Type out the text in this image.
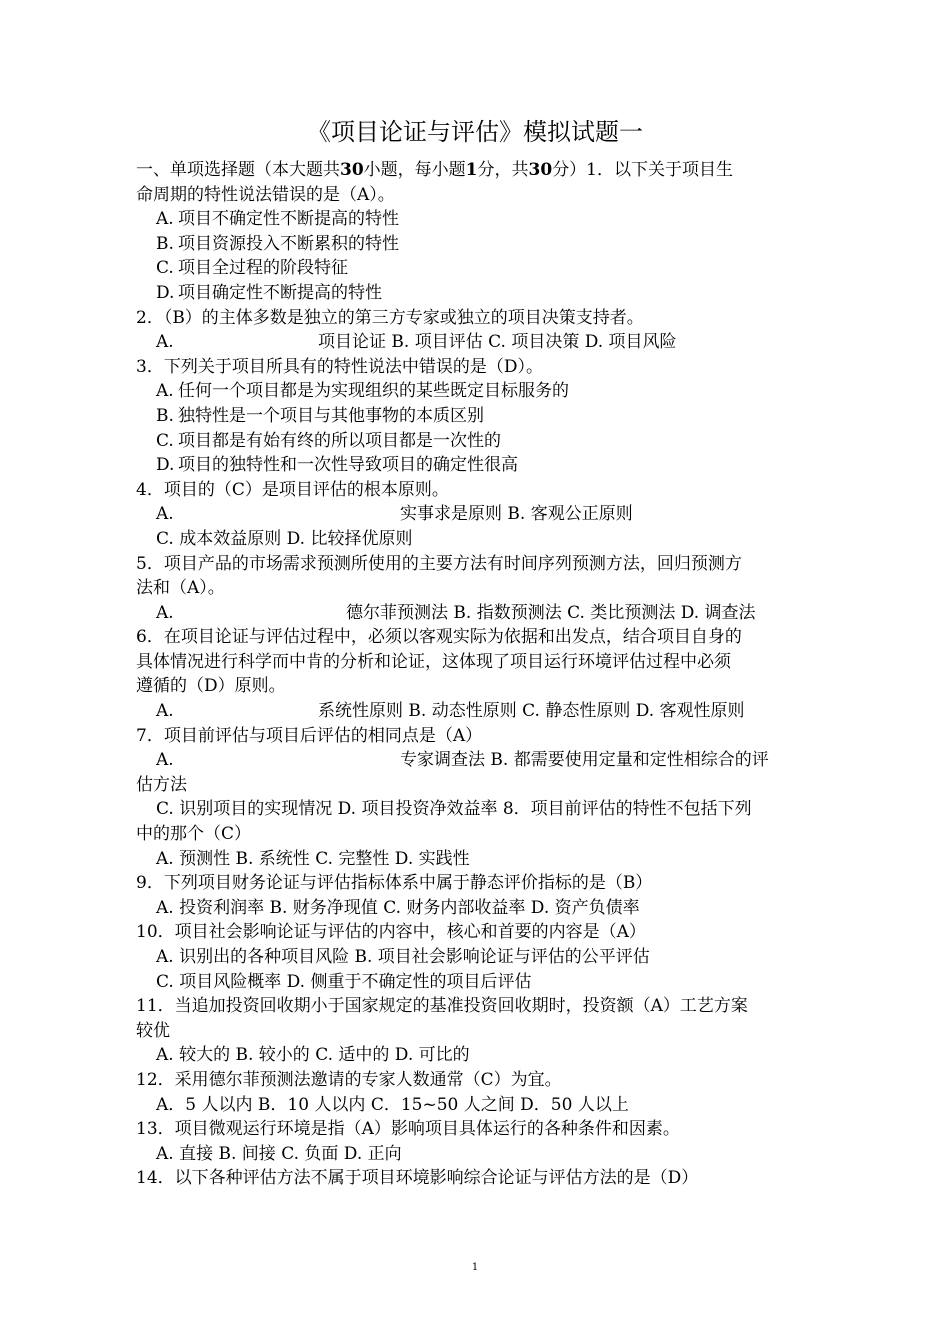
《项目论证与评估》模拟试题一
一、单项选择题（本大题共30小题，每小题1分，共30分）1．以下关于项目生
命周期的特性说法错误的是（A）。
A. 项目不确定性不断提高的特性
B. 项目资源投入不断累积的特性
C. 项目全过程的阶段特征
D. 项目确定性不断提高的特性
2．（B）的主体多数是独立的第三方专家或独立的项目决策支持者。
A.	项目论证 B. 项目评估 C. 项目决策 D. 项目风险
3．下列关于项目所具有的特性说法中错误的是（D）。
A. 任何一个项目都是为实现组织的某些既定目标服务的
B. 独特性是一个项目与其他事物的本质区别
C. 项目都是有始有终的所以项目都是一次性的
D. 项目的独特性和一次性导致项目的确定性很高
4．项目的（C）是项目评估的根本原则。
A.	实事求是原则 B. 客观公正原则
C. 成本效益原则 D. 比较择优原则
5．项目产品的市场需求预测所使用的主要方法有时间序列预测方法，回归预测方
法和（A）。
A.	德尔菲预测法 B. 指数预测法 C. 类比预测法 D. 调查法
6．在项目论证与评估过程中，必须以客观实际为依据和出发点，结合项目自身的
具体情况进行科学而中肯的分析和论证，这体现了项目运行环境评估过程中必须
遵循的（D）原则。
A.	系统性原则 B. 动态性原则 C. 静态性原则 D. 客观性原则
7．项目前评估与项目后评估的相同点是（A）
A.	专家调查法 B. 都需要使用定量和定性相综合的评
估方法
C. 识别项目的实现情况 D. 项目投资净效益率 8．项目前评估的特性不包括下列
中的那个（C）
A. 预测性 B. 系统性 C. 完整性 D. 实践性
9．下列项目财务论证与评估指标体系中属于静态评价指标的是（B）
A. 投资利润率 B. 财务净现值 C. 财务内部收益率 D. 资产负债率
10．项目社会影响论证与评估的内容中，核心和首要的内容是（A）
A. 识别出的各种项目风险 B. 项目社会影响论证与评估的公平评估
C. 项目风险概率 D. 侧重于不确定性的项目后评估
11．当追加投资回收期小于国家规定的基准投资回收期时，投资额（A）工艺方案
较优
A. 较大的 B. 较小的 C. 适中的 D. 可比的
12．采用德尔菲预测法邀请的专家人数通常（C）为宜。
A．5 人以内 B．10 人以内 C．15~50 人之间 D．50 人以上
13．项目微观运行环境是指（A）影响项目具体运行的各种条件和因素。
A. 直接 B. 间接 C. 负面 D. 正向
14．以下各种评估方法不属于项目环境影响综合论证与评估方法的是（D）
1
